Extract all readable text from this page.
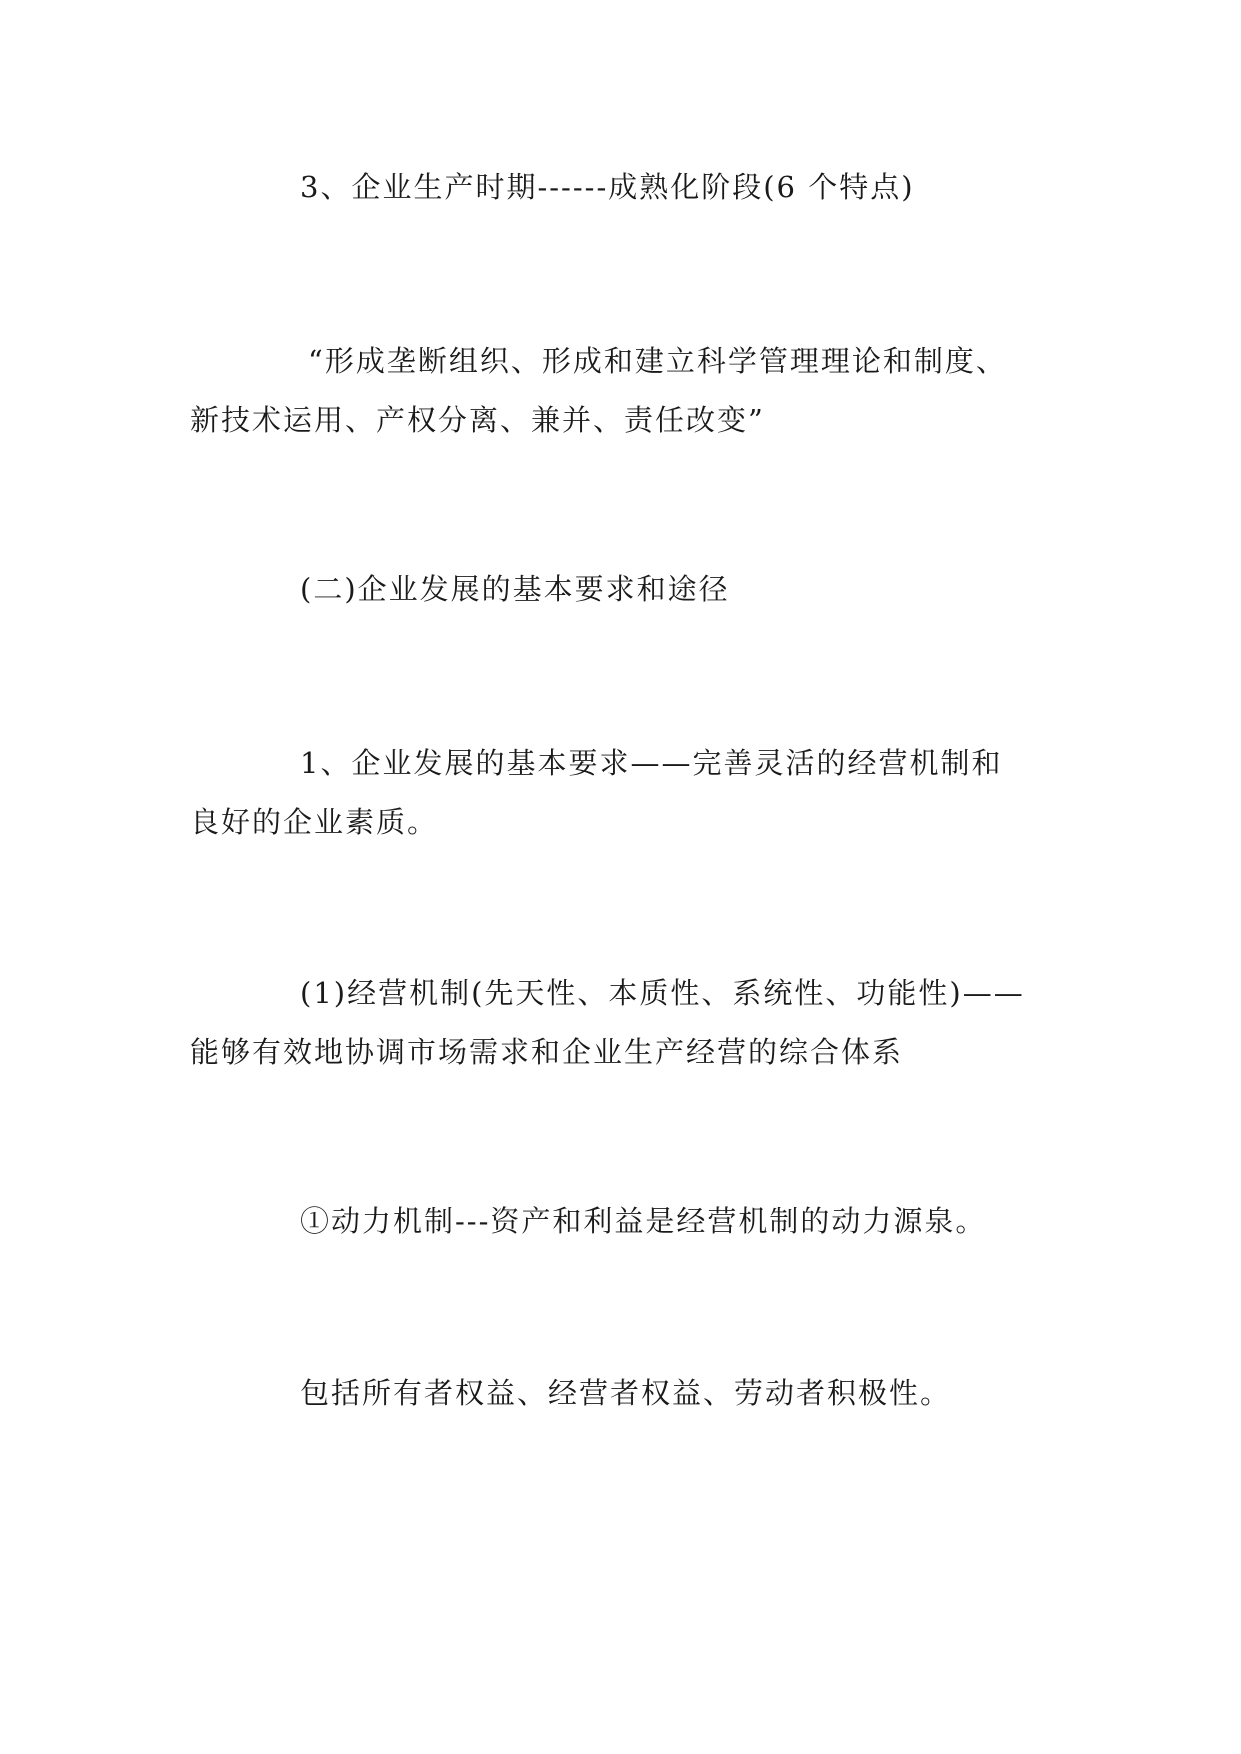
3、企业生产时期------成熟化阶段(6 个特点)

“形成垄断组织、形成和建立科学管理理论和制度、
新技术运用、产权分离、兼并、责任改变”

(二)企业发展的基本要求和途径

1、企业发展的基本要求——完善灵活的经营机制和
良好的企业素质。

(1)经营机制(先天性、本质性、系统性、功能性)——
能够有效地协调市场需求和企业生产经营的综合体系

①动力机制---资产和利益是经营机制的动力源泉。

包括所有者权益、经营者权益、劳动者积极性。
